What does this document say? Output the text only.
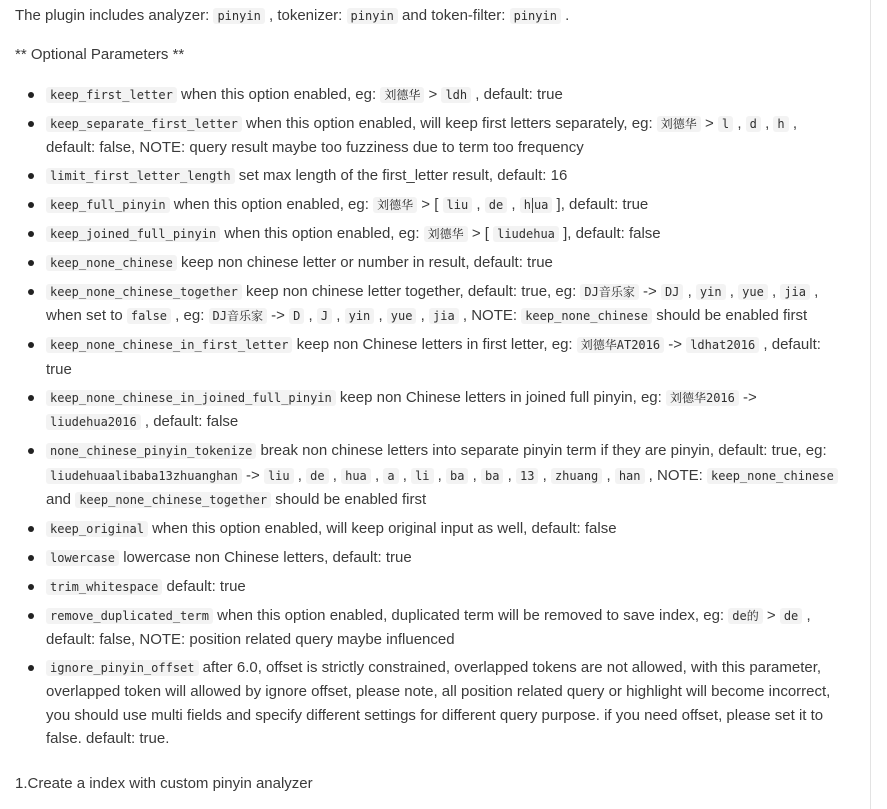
The plugin includes analyzer: pinyin , tokenizer: pinyin and token-filter: pinyin .

** Optional Parameters **

keep_first_letter when this option enabled, eg: 刘德华 > ldh , default: true
keep_separate_first_letter when this option enabled, will keep first letters separately, eg: 刘德华 > l , d , h , default: false, NOTE: query result maybe too fuzziness due to term too frequency
limit_first_letter_length set max length of the first_letter result, default: 16
keep_full_pinyin when this option enabled, eg: 刘德华 > [ liu , de , h ua ], default: true
keep_joined_full_pinyin when this option enabled, eg: 刘德华 > [ liudehua ], default: false
keep_none_chinese keep non chinese letter or number in result, default: true
keep_none_chinese_together keep non chinese letter together, default: true, eg: DJ音乐家 -> DJ , yin , yue , jia , when set to false , eg: DJ音乐家 -> D , J , yin , yue , jia , NOTE: keep_none_chinese should be enabled first
keep_none_chinese_in_first_letter keep non Chinese letters in first letter, eg: 刘德华AT2016 -> ldhat2016 , default: true
keep_none_chinese_in_joined_full_pinyin keep non Chinese letters in joined full pinyin, eg: 刘德华2016 -> liudehua2016 , default: false
none_chinese_pinyin_tokenize break non chinese letters into separate pinyin term if they are pinyin, default: true, eg: liudehuaalibaba13zhuanghan -> liu , de , hua , a , li , ba , ba , 13 , zhuang , han , NOTE: keep_none_chinese and keep_none_chinese_together should be enabled first
keep_original when this option enabled, will keep original input as well, default: false
lowercase lowercase non Chinese letters, default: true
trim_whitespace default: true
remove_duplicated_term when this option enabled, duplicated term will be removed to save index, eg: de的 > de , default: false, NOTE: position related query maybe influenced
ignore_pinyin_offset after 6.0, offset is strictly constrained, overlapped tokens are not allowed, with this parameter, overlapped token will allowed by ignore offset, please note, all position related query or highlight will become incorrect, you should use multi fields and specify different settings for different query purpose. if you need offset, please set it to false. default: true.

1.Create a index with custom pinyin analyzer
